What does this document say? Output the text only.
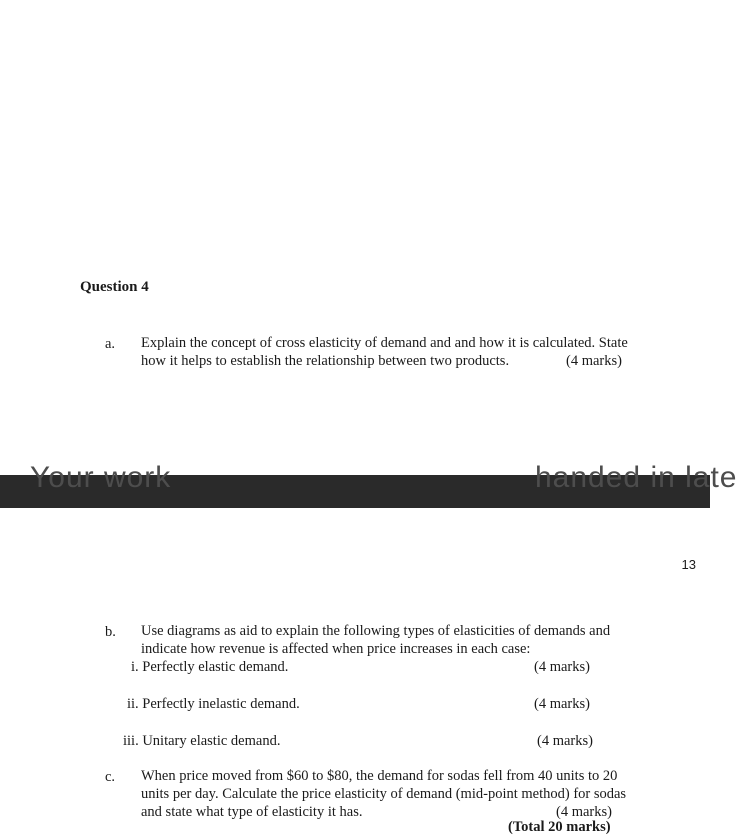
Question 4
a. Explain the concept of cross elasticity of demand and and how it is calculated. State
how it helps to establish the relationship between two products.	(4 marks)
Your work	handed in late
13
b. Use diagrams as aid to explain the following types of elasticities of demands and
indicate how revenue is affected when price increases in each case:
i. Perfectly elastic demand.	(4 marks)
ii. Perfectly inelastic demand.	(4 marks)
iii. Unitary elastic demand.	(4 marks)
c. When price moved from $60 to $80, the demand for sodas fell from 40 units to 20
units per day. Calculate the price elasticity of demand (mid-point method) for sodas
and state what type of elasticity it has.	(4 marks)
(Total 20 marks)
